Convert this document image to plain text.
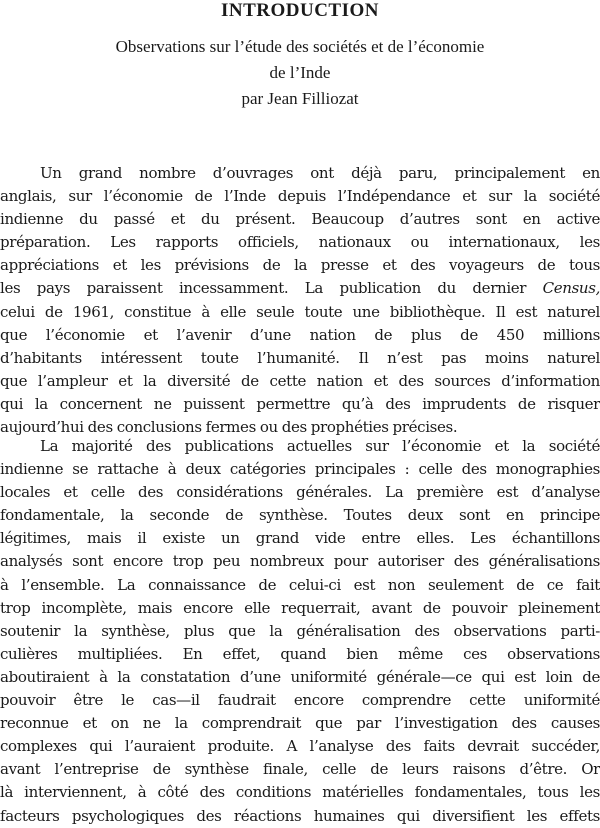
INTRODUCTION
Observations sur l’étude des sociétés et de l’économie
de l’Inde
par Jean Filliozat
Un grand nombre d’ouvrages ont déjà paru, principalement en
anglais, sur l’économie de l’Inde depuis l’Indépendance et sur la société
indienne du passé et du présent. Beaucoup d’autres sont en active
préparation. Les rapports officiels, nationaux ou internationaux, les
appréciations et les prévisions de la presse et des voyageurs de tous
les pays paraissent incessamment. La publication du dernier Census,
celui de 1961, constitue à elle seule toute une bibliothèque. Il est naturel
que l’économie et l’avenir d’une nation de plus de 450 millions
d’habitants intéressent toute l’humanité. Il n’est pas moins naturel
que l’ampleur et la diversité de cette nation et des sources d’information
qui la concernent ne puissent permettre qu’à des imprudents de risquer
aujourd’hui des conclusions fermes ou des prophéties précises.
La majorité des publications actuelles sur l’économie et la société
indienne se rattache à deux catégories principales : celle des monographies
locales et celle des considérations générales. La première est d’analyse
fondamentale, la seconde de synthèse. Toutes deux sont en principe
légitimes, mais il existe un grand vide entre elles. Les échantillons
analysés sont encore trop peu nombreux pour autoriser des généralisations
à l’ensemble. La connaissance de celui-ci est non seulement de ce fait
trop incomplète, mais encore elle requerrait, avant de pouvoir pleinement
soutenir la synthèse, plus que la généralisation des observations parti-
culières multipliées. En effet, quand bien même ces observations
aboutiraient à la constatation d’une uniformité générale—ce qui est loin de
pouvoir être le cas—il faudrait encore comprendre cette uniformité
reconnue et on ne la comprendrait que par l’investigation des causes
complexes qui l’auraient produite. A l’analyse des faits devrait succéder,
avant l’entreprise de synthèse finale, celle de leurs raisons d’être. Or
là interviennent, à côté des conditions matérielles fondamentales, tous les
facteurs psychologiques des réactions humaines qui diversifient les effets
